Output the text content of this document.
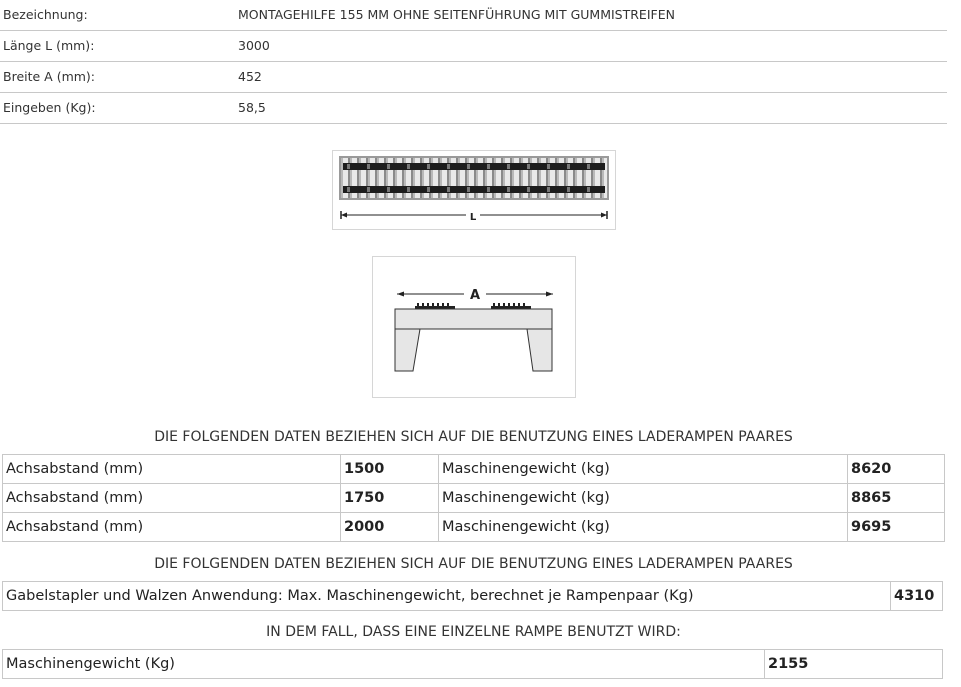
Bezeichnung:	MONTAGEHILFE 155 MM OHNE SEITENFÜHRUNG MIT GUMMISTREIFEN
Länge L (mm):	3000
Breite A (mm):	452
Eingeben (Kg):	58,5
L
A
DIE FOLGENDEN DATEN BEZIEHEN SICH AUF DIE BENUTZUNG EINES LADERAMPEN PAARES
Achsabstand (mm)	1500	Maschinengewicht (kg)	8620
Achsabstand (mm)	1750	Maschinengewicht (kg)	8865
Achsabstand (mm)	2000	Maschinengewicht (kg)	9695
DIE FOLGENDEN DATEN BEZIEHEN SICH AUF DIE BENUTZUNG EINES LADERAMPEN PAARES
Gabelstapler und Walzen Anwendung: Max. Maschinengewicht, berechnet je Rampenpaar (Kg)	4310
IN DEM FALL, DASS EINE EINZELNE RAMPE BENUTZT WIRD:
Maschinengewicht (Kg)	2155
